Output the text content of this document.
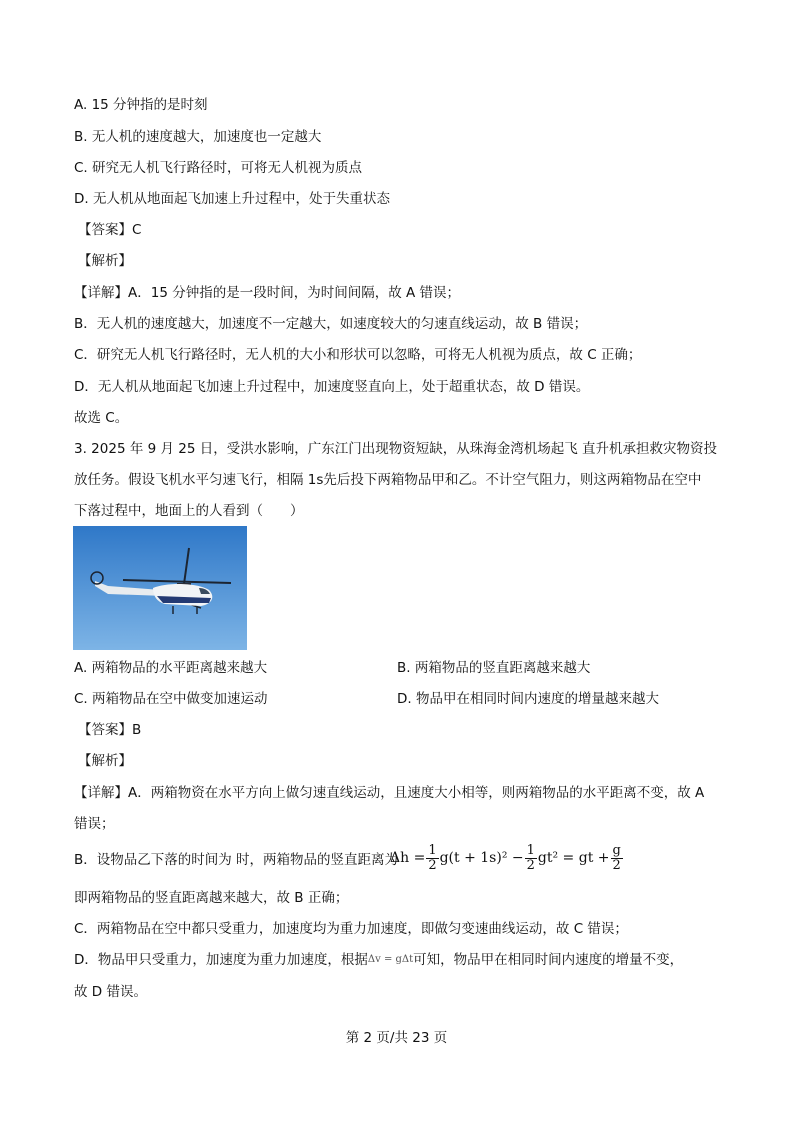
A. 15 分钟指的是时刻
B. 无人机的速度越大，加速度也一定越大
C. 研究无人机飞行路径时，可将无人机视为质点
D. 无人机从地面起飞加速上升过程中，处于失重状态
【答案】C
【解析】
【详解】A．15 分钟指的是一段时间，为时间间隔，故 A 错误；
B．无人机的速度越大，加速度不一定越大，如速度较大的匀速直线运动，故 B 错误；
C．研究无人机飞行路径时，无人机的大小和形状可以忽略，可将无人机视为质点，故 C 正确；
D．无人机从地面起飞加速上升过程中，加速度竖直向上，处于超重状态，故 D 错误。
故选 C。
3. 2025 年 9 月 25 日，受洪水影响，广东江门出现物资短缺，从珠海金湾机场起飞 直升机承担救灾物资投
放任务。假设飞机水平匀速飞行，相隔 1s先后投下两箱物品甲和乙。不计空气阻力，则这两箱物品在空中
下落过程中，地面上的人看到（　　）
A. 两箱物品的水平距离越来越大	B. 两箱物品的竖直距离越来越大
C. 两箱物品在空中做变加速运动	D. 物品甲在相同时间内速度的增量越来越大
【答案】B
【解析】
【详解】A．两箱物资在水平方向上做匀速直线运动，且速度大小相等，则两箱物品的水平距离不变，故 A
错误；
B．设物品乙下落的时间为 时，两箱物品的竖直距离为
$\Delta h = \frac{1}{2} g(t + 1s)^2 - \frac{1}{2} gt^2$ = gt + $\frac{g}{2}$
即两箱物品的竖直距离越来越大，故 B 正确；
C．两箱物品在空中都只受重力，加速度均为重力加速度，即做匀变速曲线运动，故 C 错误；
D．物品甲只受重力，加速度为重力加速度，根据Δv = gΔt可知，物品甲在相同时间内速度的增量不变，
故 D 错误。
第 2 页/共 23 页
